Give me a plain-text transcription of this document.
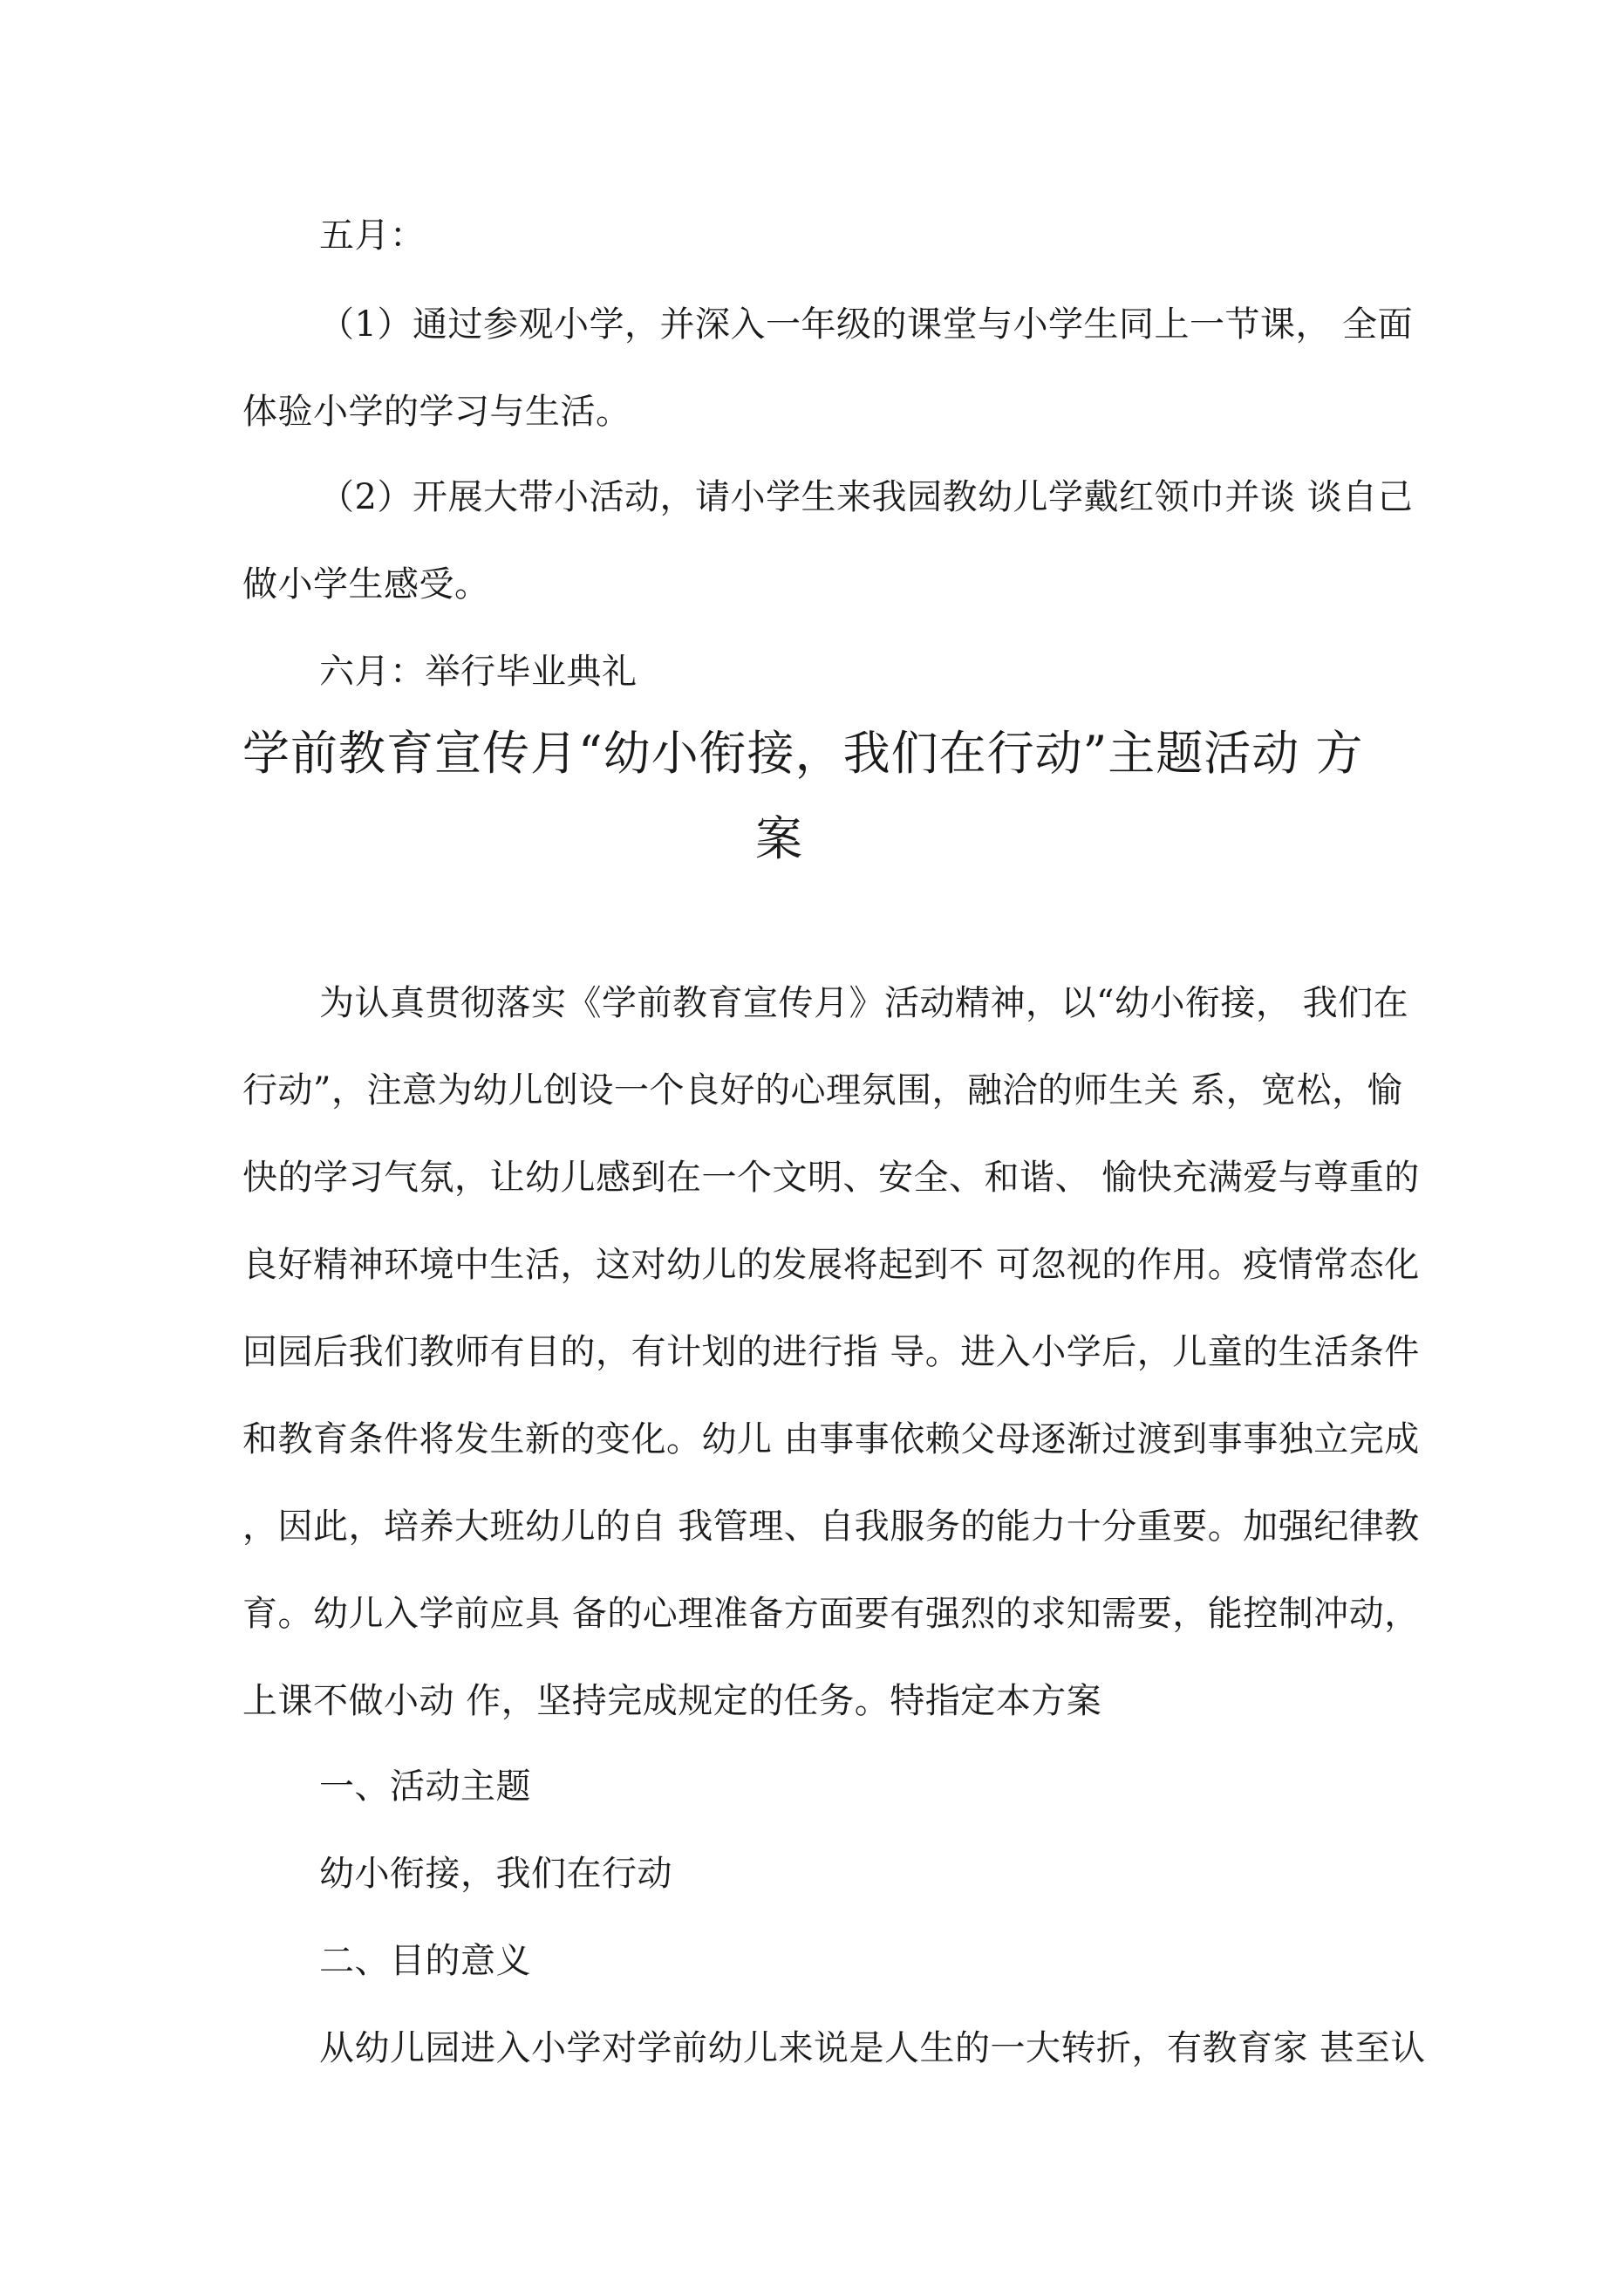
五月：
（1）通过参观小学，并深入一年级的课堂与小学生同上一节课， 全面
体验小学的学习与生活。
（2）开展大带小活动，请小学生来我园教幼儿学戴红领巾并谈 谈自己
做小学生感受。
六月：举行毕业典礼
学前教育宣传月“幼小衔接，我们在行动”主题活动 方
案
为认真贯彻落实《学前教育宣传月》活动精神，以“幼小衔接， 我们在
行动”，注意为幼儿创设一个良好的心理氛围，融洽的师生关 系，宽松，愉
快的学习气氛，让幼儿感到在一个文明、安全、和谐、 愉快充满爱与尊重的
良好精神环境中生活，这对幼儿的发展将起到不 可忽视的作用。疫情常态化
回园后我们教师有目的，有计划的进行指 导。进入小学后，儿童的生活条件
和教育条件将发生新的变化。幼儿 由事事依赖父母逐渐过渡到事事独立完成
，因此，培养大班幼儿的自 我管理、自我服务的能力十分重要。加强纪律教
育。幼儿入学前应具 备的心理准备方面要有强烈的求知需要，能控制冲动，
上课不做小动 作，坚持完成规定的任务。特指定本方案
一、活动主题
幼小衔接，我们在行动
二、目的意义
从幼儿园进入小学对学前幼儿来说是人生的一大转折，有教育家 甚至认
